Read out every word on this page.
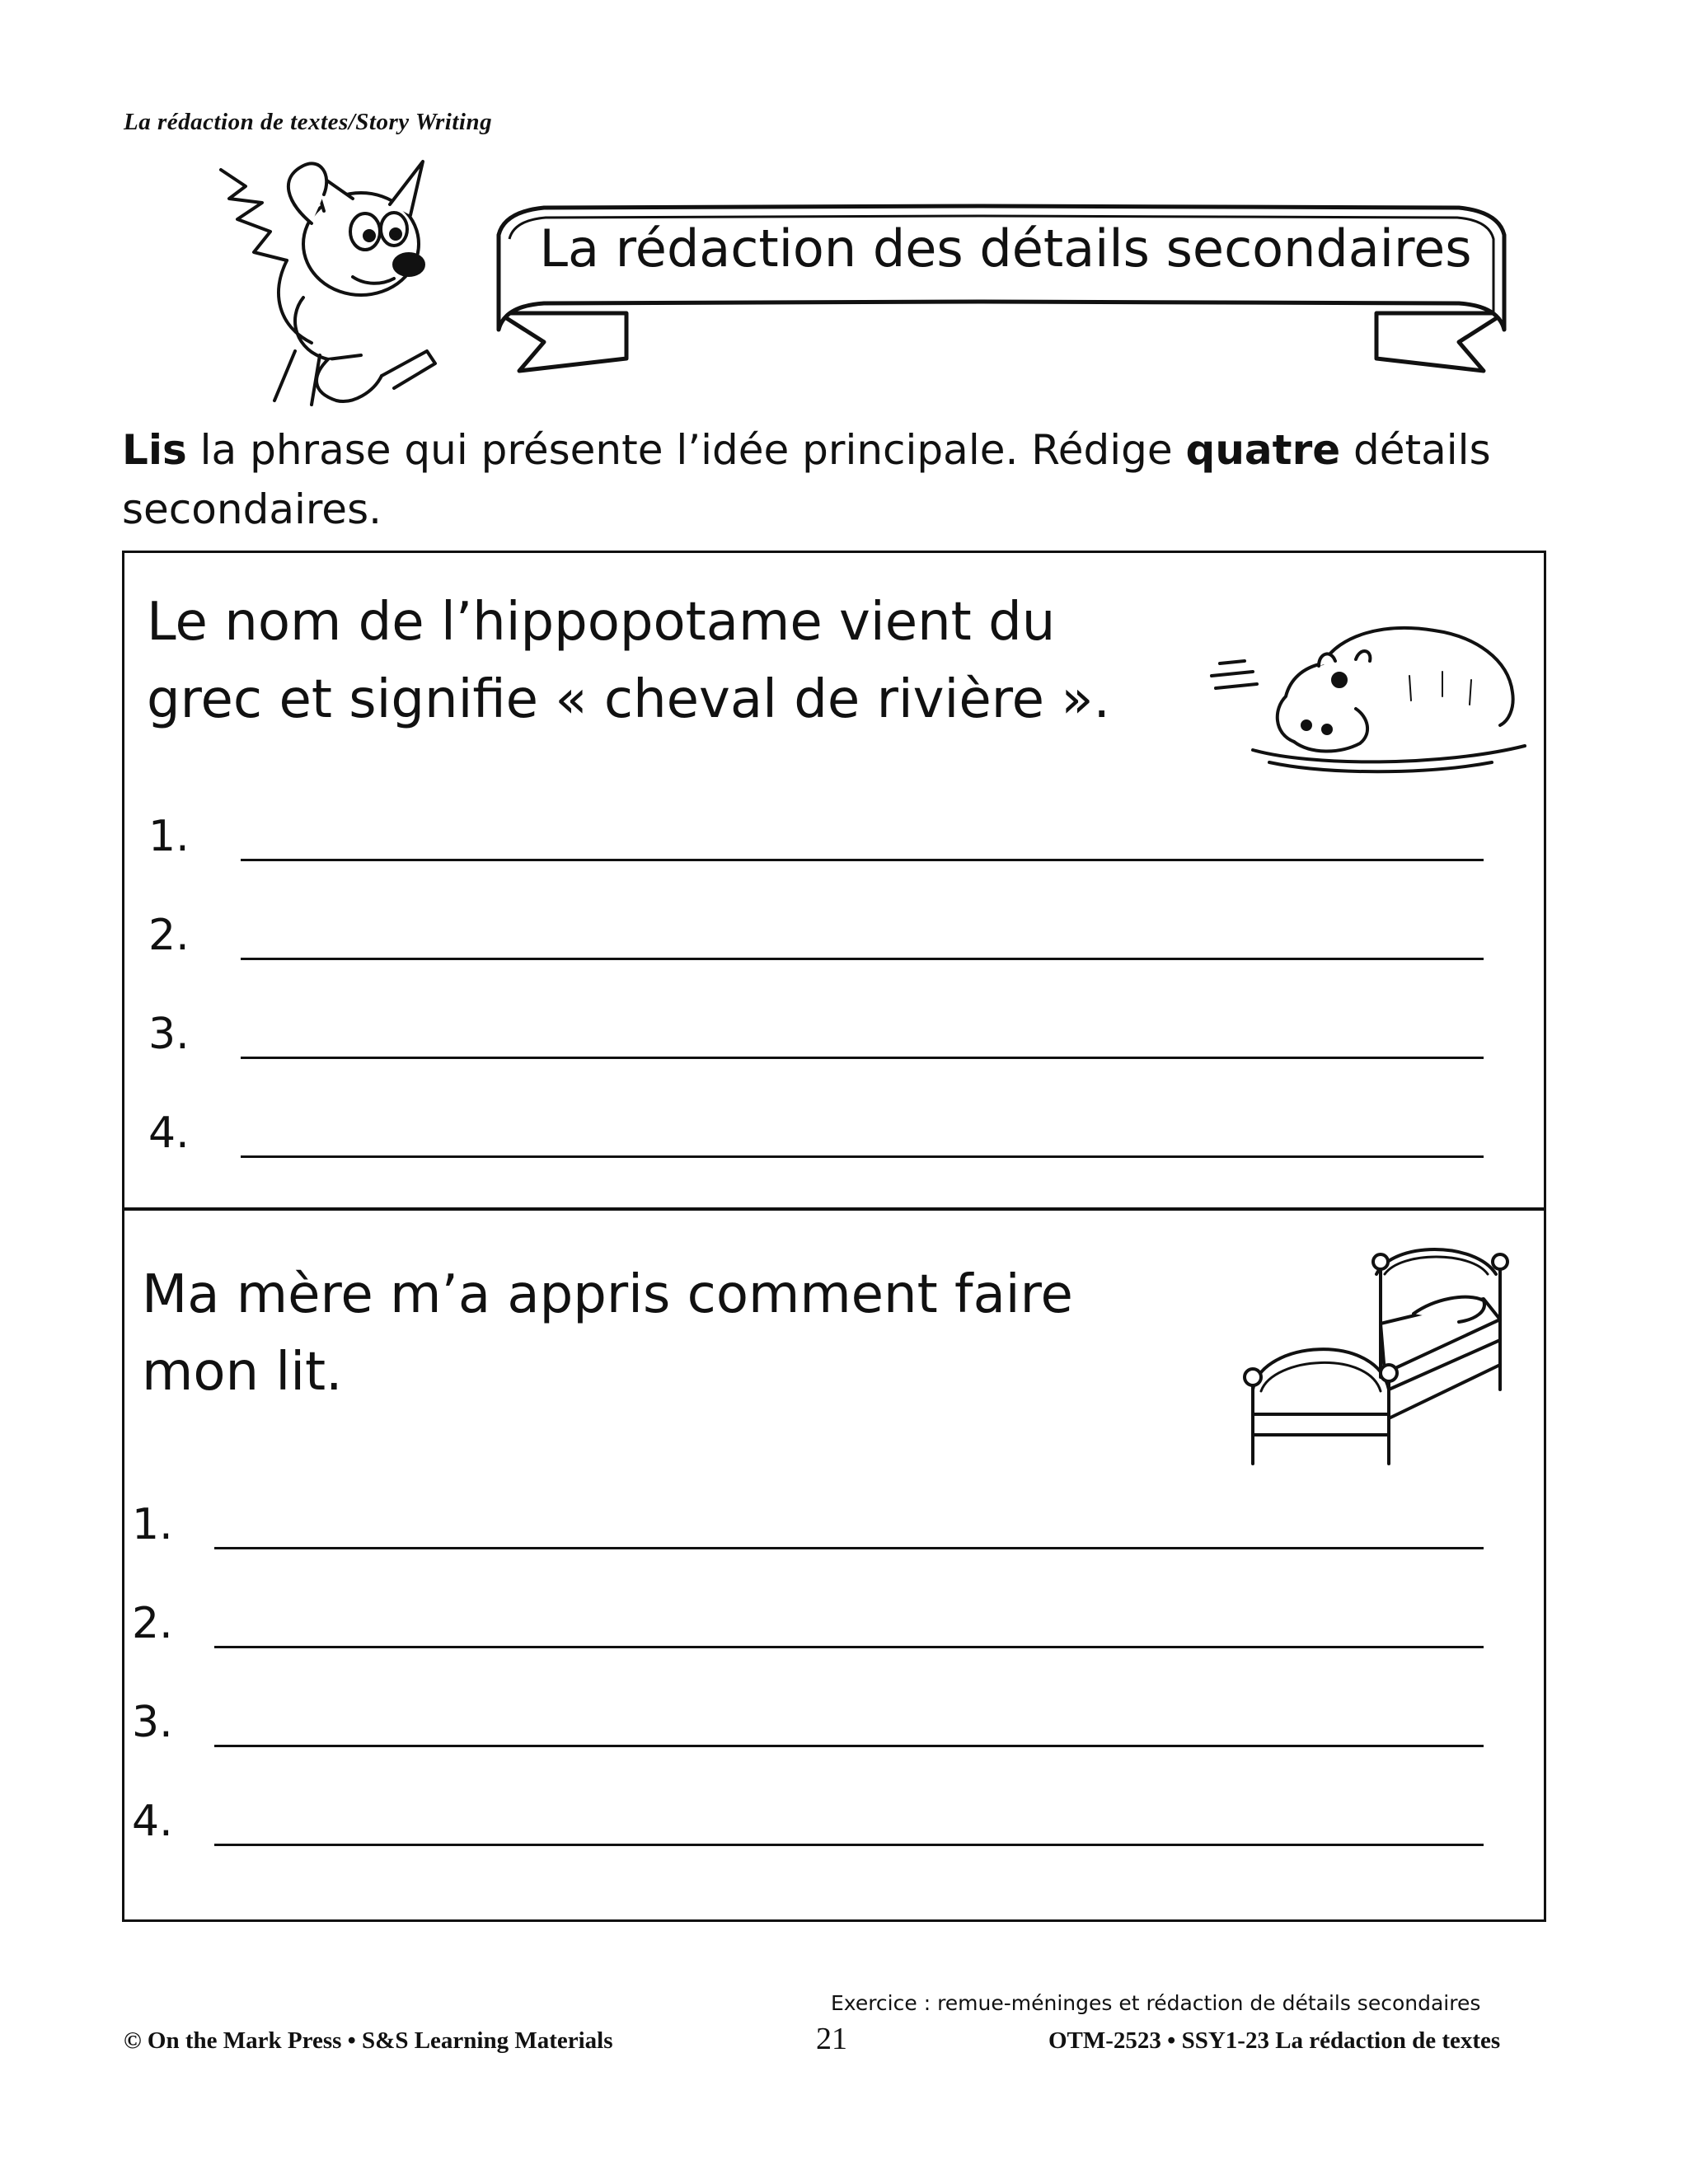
La rédaction de textes/Story Writing
La rédaction des détails secondaires
Lis la phrase qui présente l’idée principale. Rédige quatre détails secondaires.
Le nom de l’hippopotame vient du grec et signifie « cheval de rivière ».
1.
2.
3.
4.
Ma mère m’a appris comment faire mon lit.
1.
2.
3.
4.
Exercice : remue-méninges et rédaction de détails secondaires
© On the Mark Press • S&S Learning Materials	21	OTM-2523 • SSY1-23 La rédaction de textes
